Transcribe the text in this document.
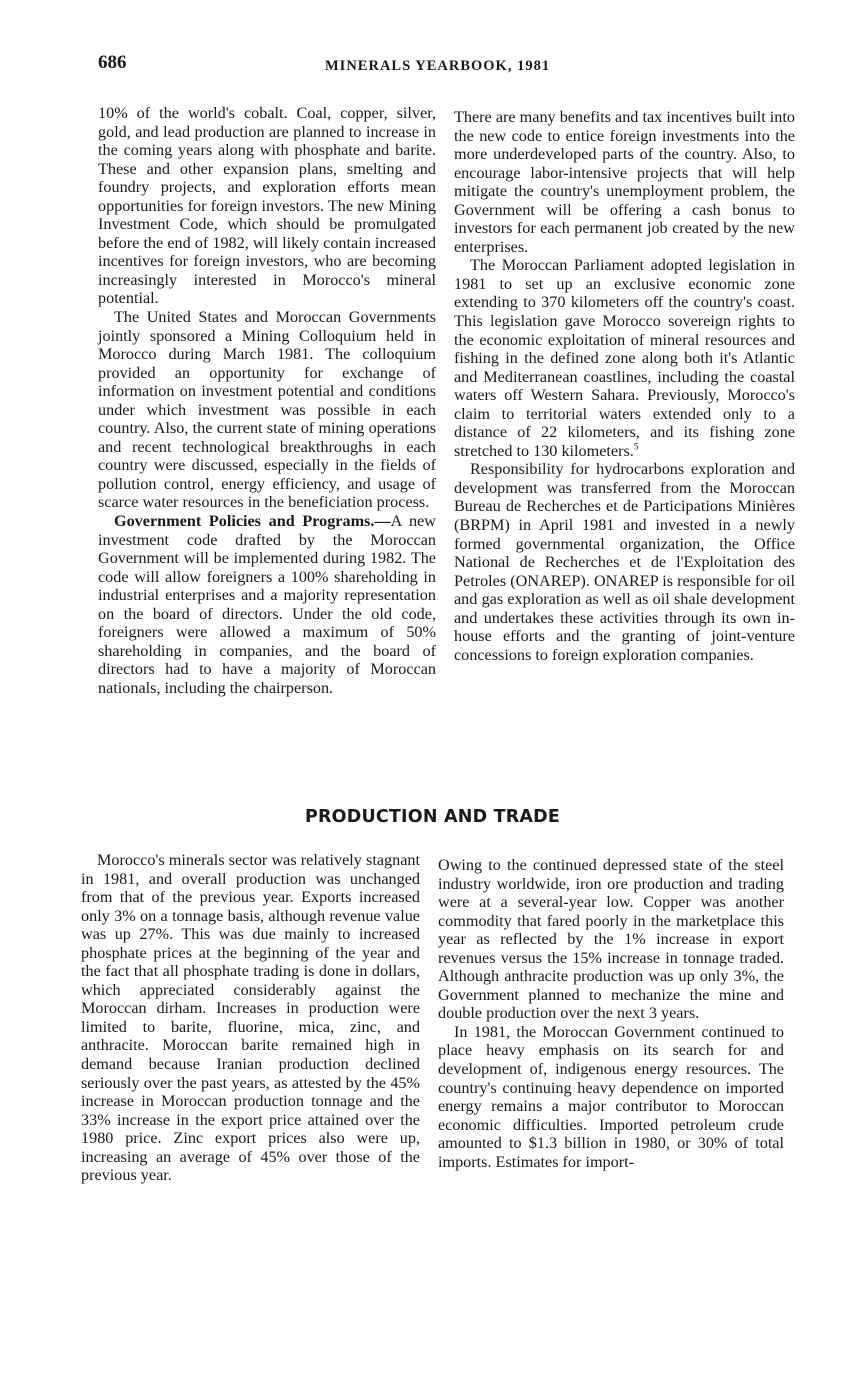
686	MINERALS YEARBOOK, 1981

10% of the world's cobalt. Coal, copper, silver, gold, and lead production are planned to increase in the coming years along with phosphate and barite. These and other expansion plans, smelting and foundry projects, and exploration efforts mean opportunities for foreign investors. The new Mining Investment Code, which should be promulgated before the end of 1982, will likely contain increased incentives for foreign investors, who are becoming increasingly interested in Morocco's mineral potential.

The United States and Moroccan Governments jointly sponsored a Mining Colloquium held in Morocco during March 1981. The colloquium provided an opportunity for exchange of information on investment potential and conditions under which investment was possible in each country. Also, the current state of mining operations and recent technological breakthroughs in each country were discussed, especially in the fields of pollution control, energy efficiency, and usage of scarce water resources in the beneficiation process.

Government Policies and Programs.—A new investment code drafted by the Moroccan Government will be implemented during 1982. The code will allow foreigners a 100% shareholding in industrial enterprises and a majority representation on the board of directors. Under the old code, foreigners were allowed a maximum of 50% shareholding in companies, and the board of directors had to have a majority of Moroccan nationals, including the chairperson.

There are many benefits and tax incentives built into the new code to entice foreign investments into the more underdeveloped parts of the country. Also, to encourage labor-intensive projects that will help mitigate the country's unemployment problem, the Government will be offering a cash bonus to investors for each permanent job created by the new enterprises.

The Moroccan Parliament adopted legislation in 1981 to set up an exclusive economic zone extending to 370 kilometers off the country's coast. This legislation gave Morocco sovereign rights to the economic exploitation of mineral resources and fishing in the defined zone along both it's Atlantic and Mediterranean coastlines, including the coastal waters off Western Sahara. Previously, Morocco's claim to territorial waters extended only to a distance of 22 kilometers, and its fishing zone stretched to 130 kilometers.$^5$

Responsibility for hydrocarbons exploration and development was transferred from the Moroccan Bureau de Recherches et de Participations Minières (BRPM) in April 1981 and invested in a newly formed governmental organization, the Office National de Recherches et de l'Exploitation des Petroles (ONAREP). ONAREP is responsible for oil and gas exploration as well as oil shale development and undertakes these activities through its own in-house efforts and the granting of joint-venture concessions to foreign exploration companies.

PRODUCTION AND TRADE

Morocco's minerals sector was relatively stagnant in 1981, and overall production was unchanged from that of the previous year. Exports increased only 3% on a tonnage basis, although revenue value was up 27%. This was due mainly to increased phosphate prices at the beginning of the year and the fact that all phosphate trading is done in dollars, which appreciated considerably against the Moroccan dirham. Increases in production were limited to barite, fluorine, mica, zinc, and anthracite. Moroccan barite remained high in demand because Iranian production declined seriously over the past years, as attested by the 45% increase in Moroccan production tonnage and the 33% increase in the export price attained over the 1980 price. Zinc export prices also were up, increasing an average of 45% over those of the previous year.

Owing to the continued depressed state of the steel industry worldwide, iron ore production and trading were at a several-year low. Copper was another commodity that fared poorly in the marketplace this year as reflected by the 1% increase in export revenues versus the 15% increase in tonnage traded. Although anthracite production was up only 3%, the Government planned to mechanize the mine and double production over the next 3 years.

In 1981, the Moroccan Government continued to place heavy emphasis on its search for and development of, indigenous energy resources. The country's continuing heavy dependence on imported energy remains a major contributor to Moroccan economic difficulties. Imported petroleum crude amounted to $1.3 billion in 1980, or 30% of total imports. Estimates for import-
